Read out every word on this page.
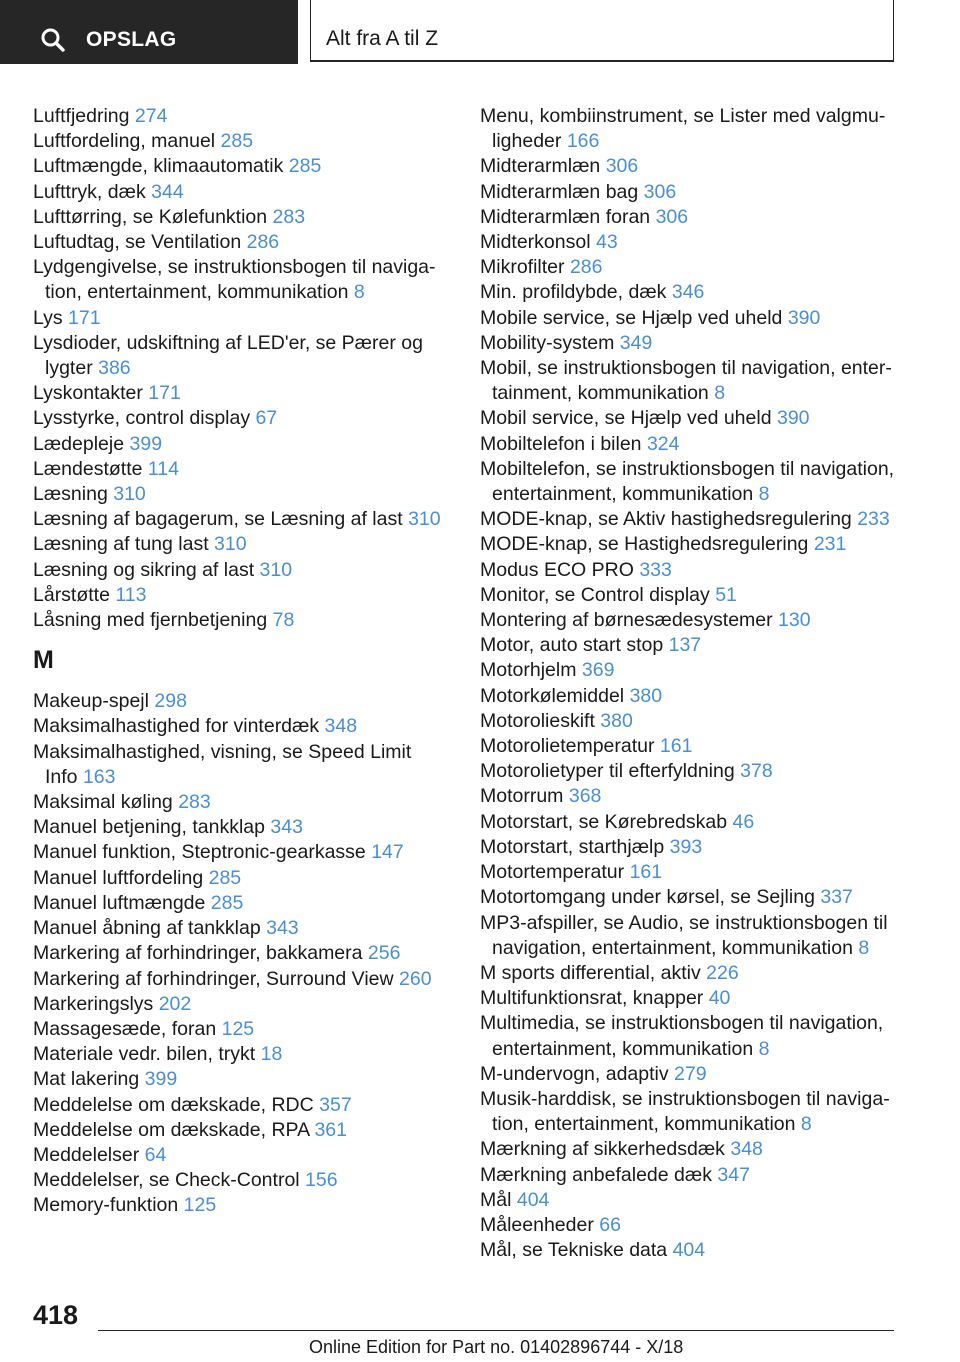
OPSLAG	Alt fra A til Z
Luftfjedring 274
Luftfordeling, manuel 285
Luftmængde, klimaautomatik 285
Lufttryk, dæk 344
Lufttørring, se Kølefunktion 283
Luftudtag, se Ventilation 286
Lydgengivelse, se instruktionsbogen til naviga‐
tion, entertainment, kommunikation 8
Lys 171
Lysdioder, udskiftning af LED'er, se Pærer og
lygter 386
Lyskontakter 171
Lysstyrke, control display 67
Lædepleje 399
Lændestøtte 114
Læsning 310
Læsning af bagagerum, se Læsning af last 310
Læsning af tung last 310
Læsning og sikring af last 310
Lårstøtte 113
Låsning med fjernbetjening 78
M
Makeup-spejl 298
Maksimalhastighed for vinterdæk 348
Maksimalhastighed, visning, se Speed Limit
Info 163
Maksimal køling 283
Manuel betjening, tankklap 343
Manuel funktion, Steptronic-gearkasse 147
Manuel luftfordeling 285
Manuel luftmængde 285
Manuel åbning af tankklap 343
Markering af forhindringer, bakkamera 256
Markering af forhindringer, Surround View 260
Markeringslys 202
Massagesæde, foran 125
Materiale vedr. bilen, trykt 18
Mat lakering 399
Meddelelse om dækskade, RDC 357
Meddelelse om dækskade, RPA 361
Meddelelser 64
Meddelelser, se Check-Control 156
Memory-funktion 125
Menu, kombiinstrument, se Lister med valgmu‐
ligheder 166
Midterarmlæn 306
Midterarmlæn bag 306
Midterarmlæn foran 306
Midterkonsol 43
Mikrofilter 286
Min. profildybde, dæk 346
Mobile service, se Hjælp ved uheld 390
Mobility-system 349
Mobil, se instruktionsbogen til navigation, enter‐
tainment, kommunikation 8
Mobil service, se Hjælp ved uheld 390
Mobiltelefon i bilen 324
Mobiltelefon, se instruktionsbogen til navigation,
entertainment, kommunikation 8
MODE-knap, se Aktiv hastighedsregulering 233
MODE-knap, se Hastighedsregulering 231
Modus ECO PRO 333
Monitor, se Control display 51
Montering af børnesædesystemer 130
Motor, auto start stop 137
Motorhjelm 369
Motorkølemiddel 380
Motorolieskift 380
Motorolietemperatur 161
Motorolietyper til efterfyldning 378
Motorrum 368
Motorstart, se Kørebredskab 46
Motorstart, starthjælp 393
Motortemperatur 161
Motortomgang under kørsel, se Sejling 337
MP3-afspiller, se Audio, se instruktionsbogen til
navigation, entertainment, kommunikation 8
M sports differential, aktiv 226
Multifunktionsrat, knapper 40
Multimedia, se instruktionsbogen til navigation,
entertainment, kommunikation 8
M-undervogn, adaptiv 279
Musik-harddisk, se instruktionsbogen til naviga‐
tion, entertainment, kommunikation 8
Mærkning af sikkerhedsdæk 348
Mærkning anbefalede dæk 347
Mål 404
Måleenheder 66
Mål, se Tekniske data 404
418
Online Edition for Part no. 01402896744 - X/18
